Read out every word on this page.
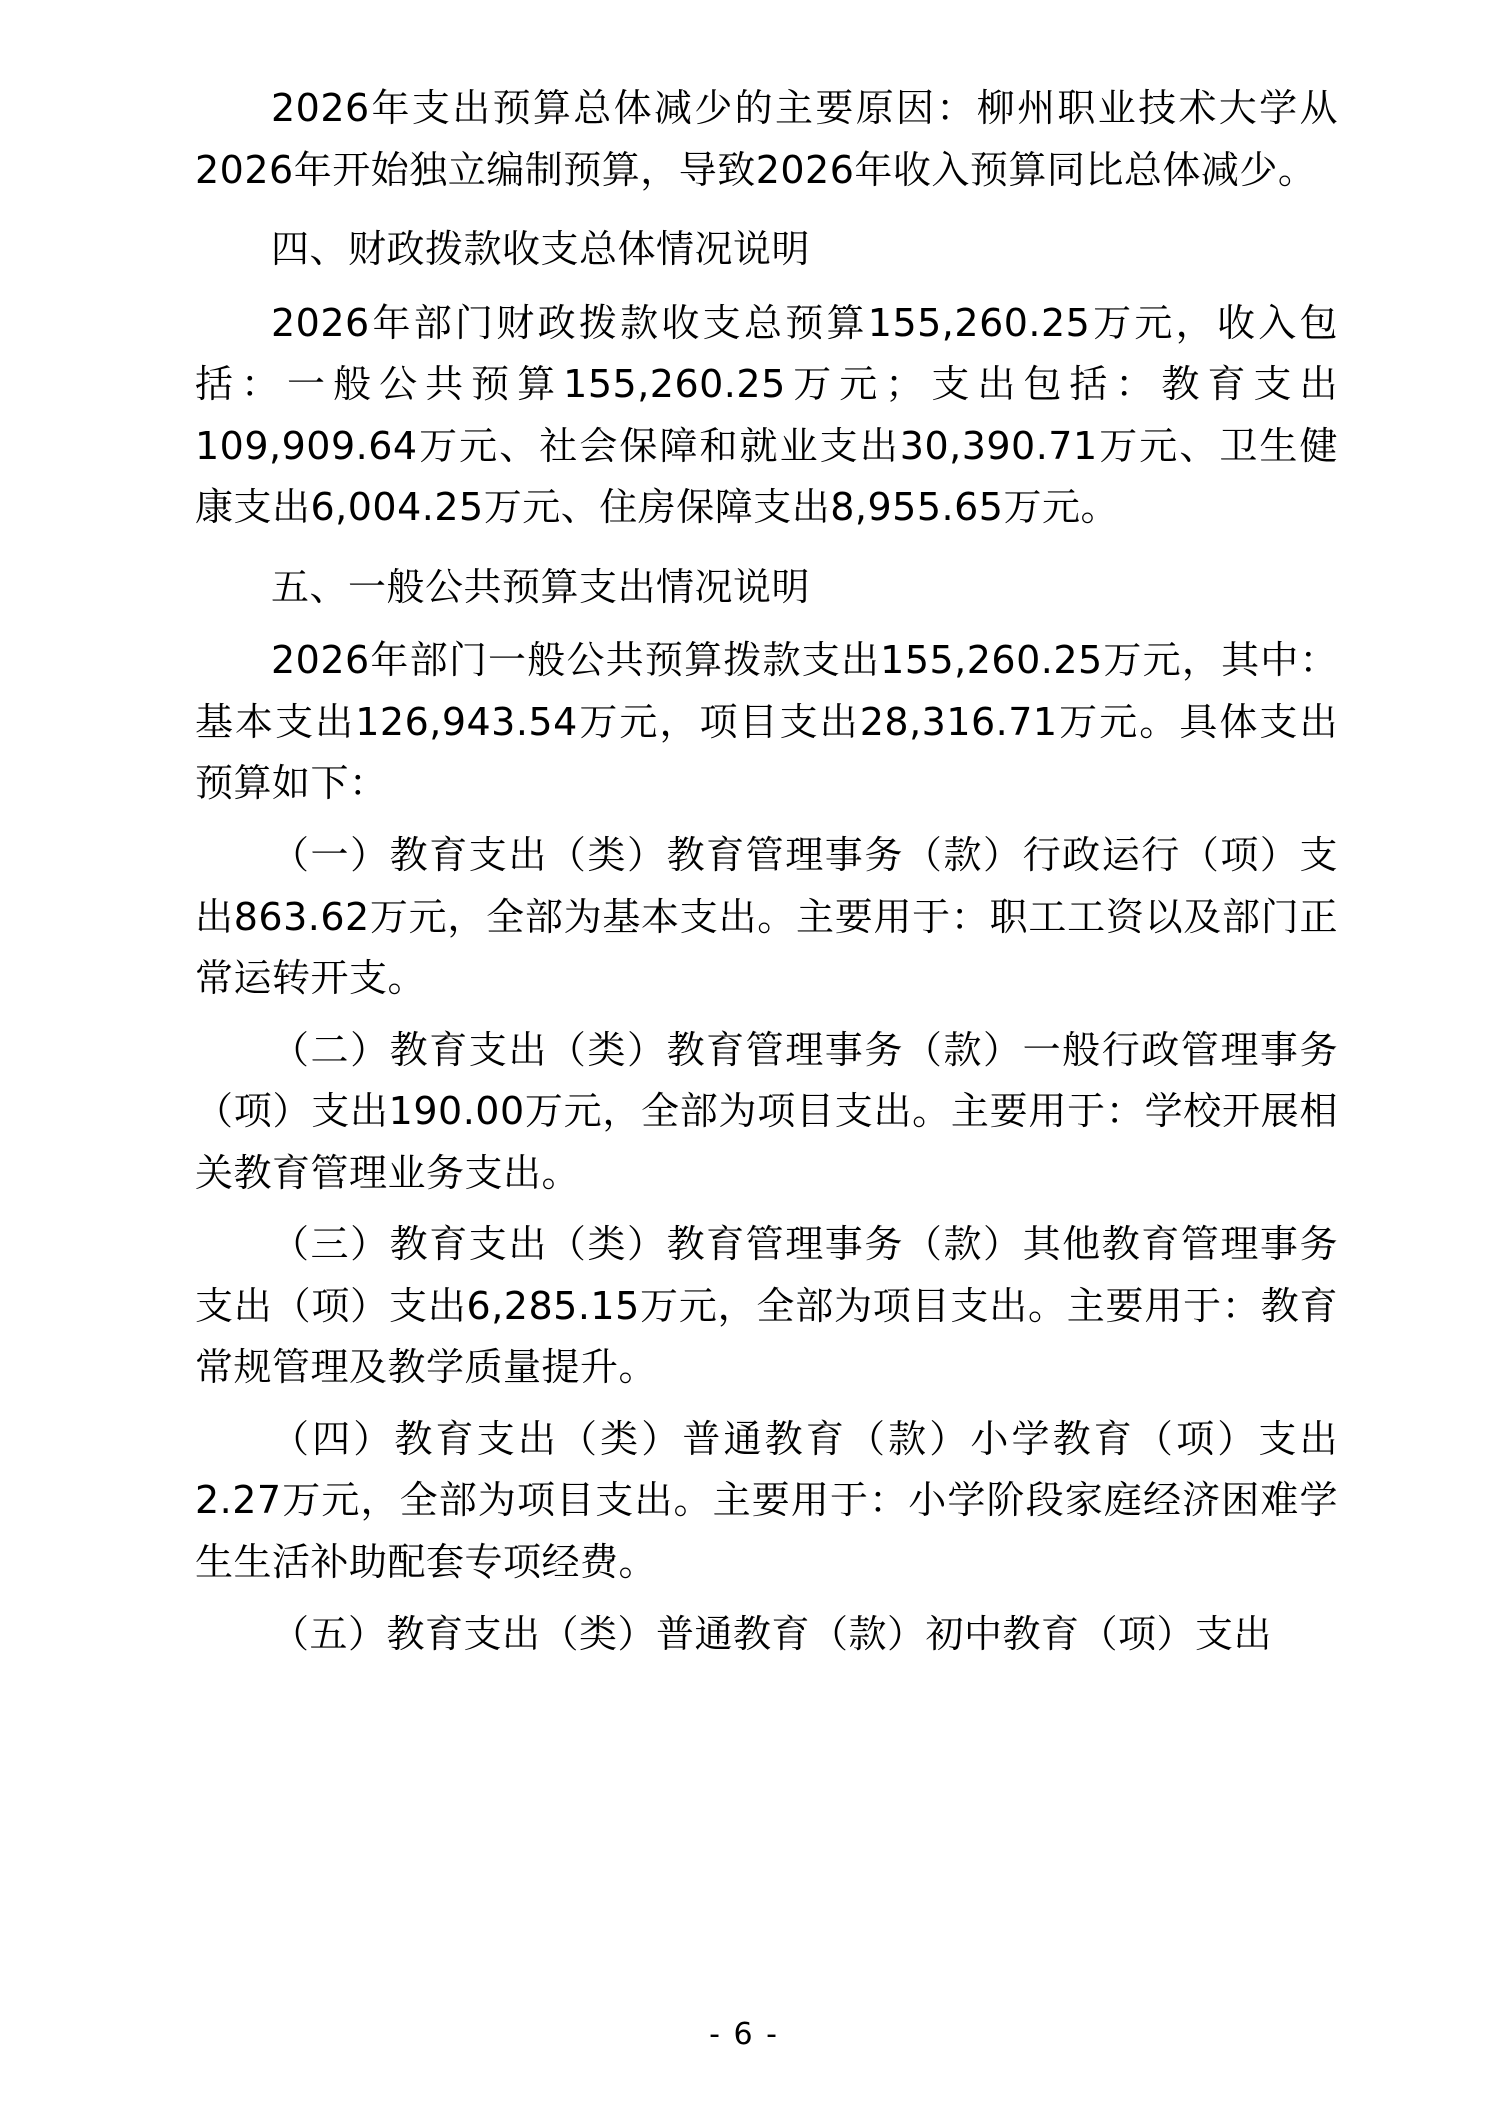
2026年支出预算总体减少的主要原因：柳州职业技术大学从2026年开始独立编制预算，导致2026年收入预算同比总体减少。

四、财政拨款收支总体情况说明

2026年部门财政拨款收支总预算155,260.25万元，收入包括：一般公共预算155,260.25万元；支出包括：教育支出109,909.64万元、社会保障和就业支出30,390.71万元、卫生健康支出6,004.25万元、住房保障支出8,955.65万元。

五、一般公共预算支出情况说明

2026年部门一般公共预算拨款支出155,260.25万元，其中：基本支出126,943.54万元，项目支出28,316.71万元。具体支出预算如下：

（一）教育支出（类）教育管理事务（款）行政运行（项）支出863.62万元，全部为基本支出。主要用于：职工工资以及部门正常运转开支。

（二）教育支出（类）教育管理事务（款）一般行政管理事务（项）支出190.00万元，全部为项目支出。主要用于：学校开展相关教育管理业务支出。

（三）教育支出（类）教育管理事务（款）其他教育管理事务支出（项）支出6,285.15万元，全部为项目支出。主要用于：教育常规管理及教学质量提升。

（四）教育支出（类）普通教育（款）小学教育（项）支出2.27万元，全部为项目支出。主要用于：小学阶段家庭经济困难学生生活补助配套专项经费。

（五）教育支出（类）普通教育（款）初中教育（项）支出

- 6 -
